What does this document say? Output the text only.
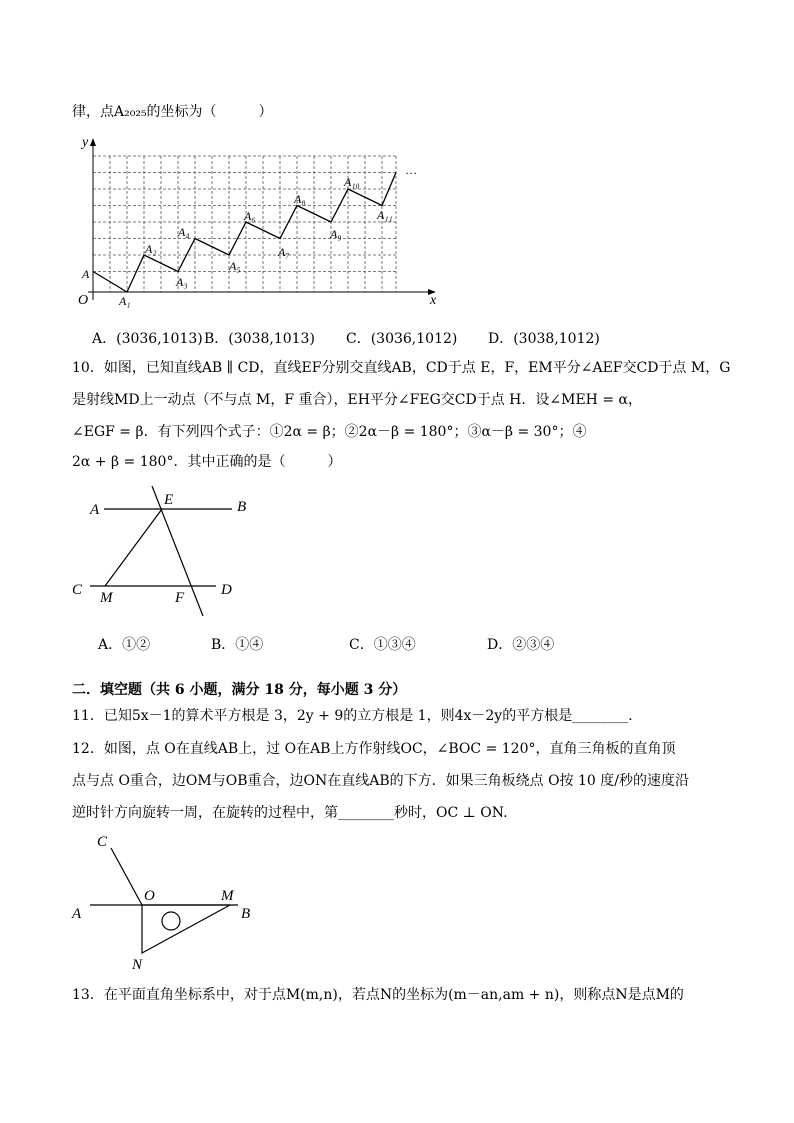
律，点A₂₀₂₅的坐标为（　　　）
x
y
O
A
A₁
A₂
A₃
A₄
A₅
A₆
A₇
A₈
A₉
A₁₀
A₁₁
…
A．(3036,1013) B．(3038,1013) C．(3036,1012) D．(3038,1012)
10．如图，已知直线AB ∥ CD，直线EF分别交直线AB，CD于点 E，F，EM平分∠AEF交CD于点 M，G
是射线MD上一动点（不与点 M，F 重合），EH平分∠FEG交CD于点 H．设∠MEH = α，
∠EGF = β．有下列四个式子：①2α = β；②2α－β = 180°；③α－β = 30°；④
2α + β = 180°．其中正确的是（　　　）
A	B
E
C M	F D
A．①②	B．①④	C．①③④	D．②③④
二．填空题（共 6 小题，满分 18 分，每小题 3 分）
11．已知5x－1的算术平方根是 3，2y + 9的立方根是 1，则4x－2y的平方根是________．
12．如图，点 O在直线AB上，过 O在AB上方作射线OC，∠BOC = 120°，直角三角板的直角顶
点与点 O重合，边OM与OB重合，边ON在直线AB的下方．如果三角板绕点 O按 10 度/秒的速度沿
逆时针方向旋转一周，在旋转的过程中，第________秒时，OC ⊥ ON.
C
O	M
A	B
N
13．在平面直角坐标系中，对于点M(m,n)，若点N的坐标为(m－an,am + n)，则称点N是点M的
